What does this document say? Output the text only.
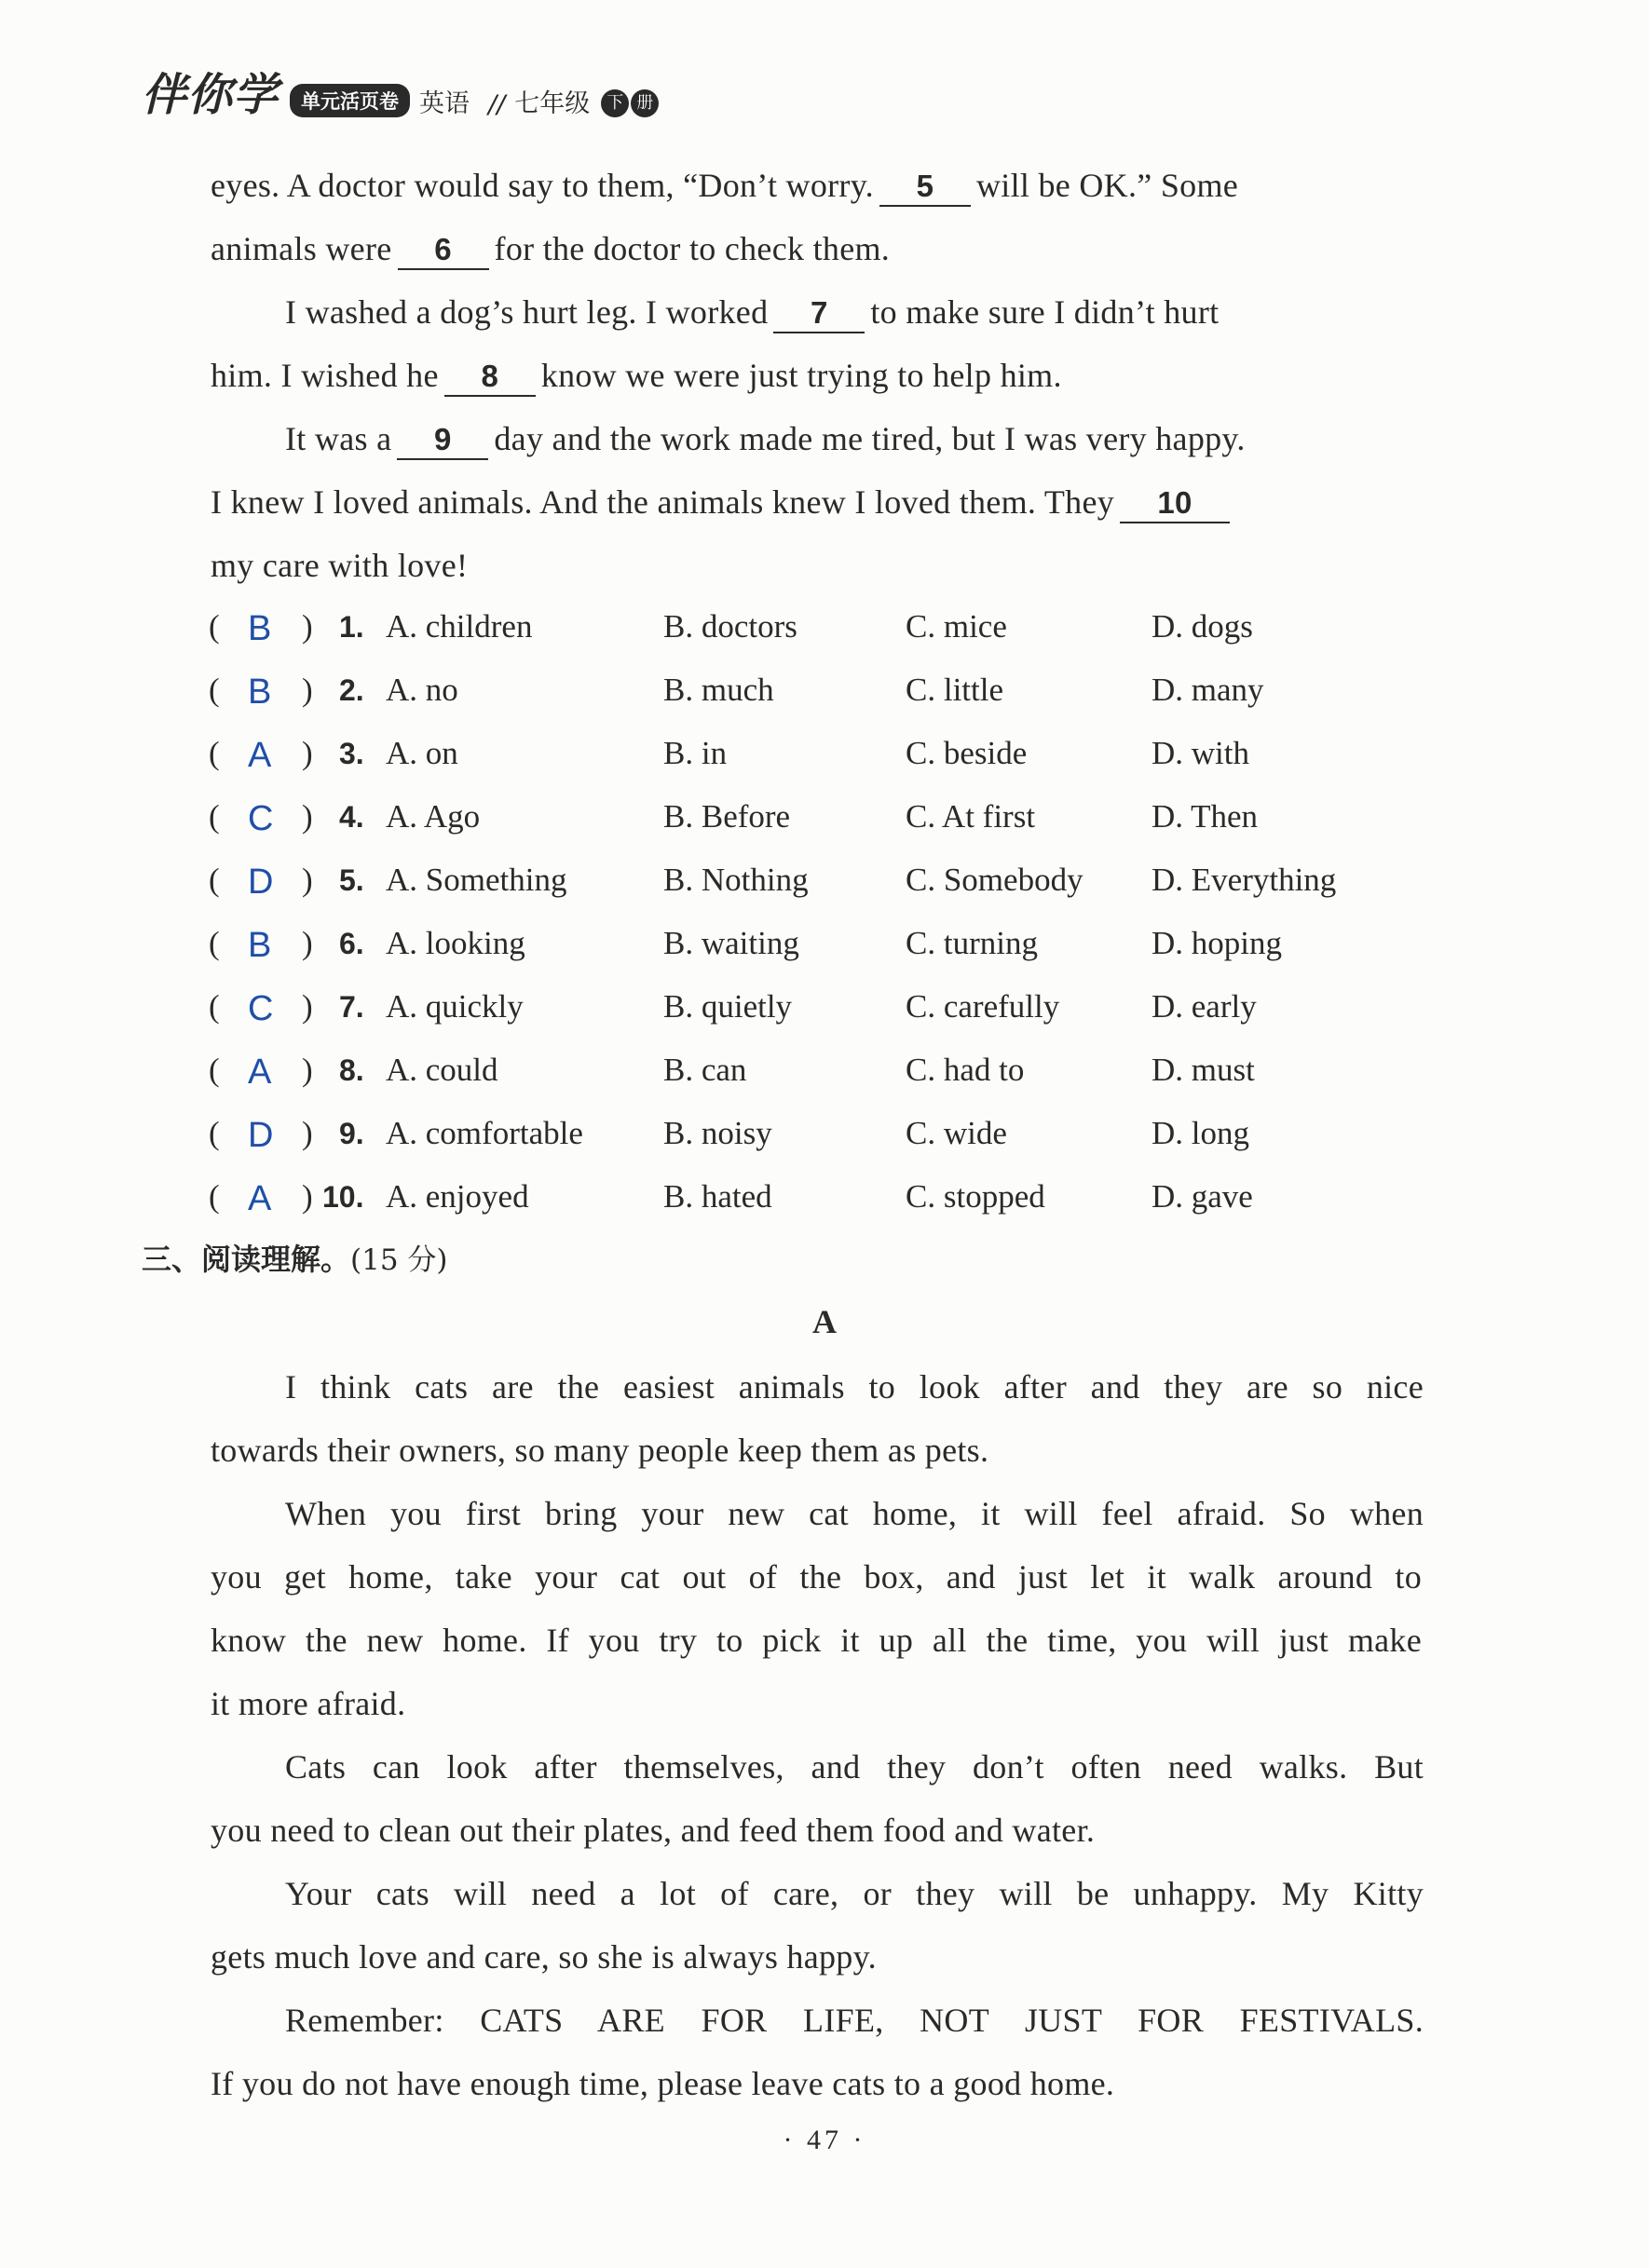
伴你学	单元活页卷 英语 // 七年级	下 册
eyes. A doctor would say to them, “Don’t worry. 5 will be OK.” Some
animals were 6 for the doctor to check them.
I washed a dog’s hurt leg. I worked 7 to make sure I didn’t hurt
him. I wished he 8 know we were just trying to help him.
It was a 9 day and the work made me tired, but I was very happy.
I knew I loved animals. And the animals knew I loved them. They 10
my care with love!
( B ) 1. A. children	B. doctors	C. mice	D. dogs
( B ) 2. A. no	B. much	C. little	D. many
( A ) 3. A. on	B. in	C. beside	D. with
( C ) 4. A. Ago	B. Before	C. At first	D. Then
( D ) 5. A. Something	B. Nothing	C. Somebody D. Everything
( B ) 6. A. looking	B. waiting	C. turning	D. hoping
( C ) 7. A. quickly	B. quietly	C. carefully	D. early
( A ) 8. A. could	B. can	C. had to	D. must
( D ) 9. A. comfortable B. noisy	C. wide	D. long
( A ) 10. A. enjoyed	B. hated	C. stopped	D. gave
三、阅读理解。(15 分)
A
I think cats are the easiest animals to look after and they are so nice
towards their owners, so many people keep them as pets.
When you first bring your new cat home, it will feel afraid. So when
you get home, take your cat out of the box, and just let it walk around to
know the new home. If you try to pick it up all the time, you will just make
it more afraid.
Cats can look after themselves, and they don’t often need walks. But
you need to clean out their plates, and feed them food and water.
Your cats will need a lot of care, or they will be unhappy. My Kitty
gets much love and care, so she is always happy.
Remember: CATS ARE FOR LIFE, NOT JUST FOR FESTIVALS.
If you do not have enough time, please leave cats to a good home.
· 47 ·
